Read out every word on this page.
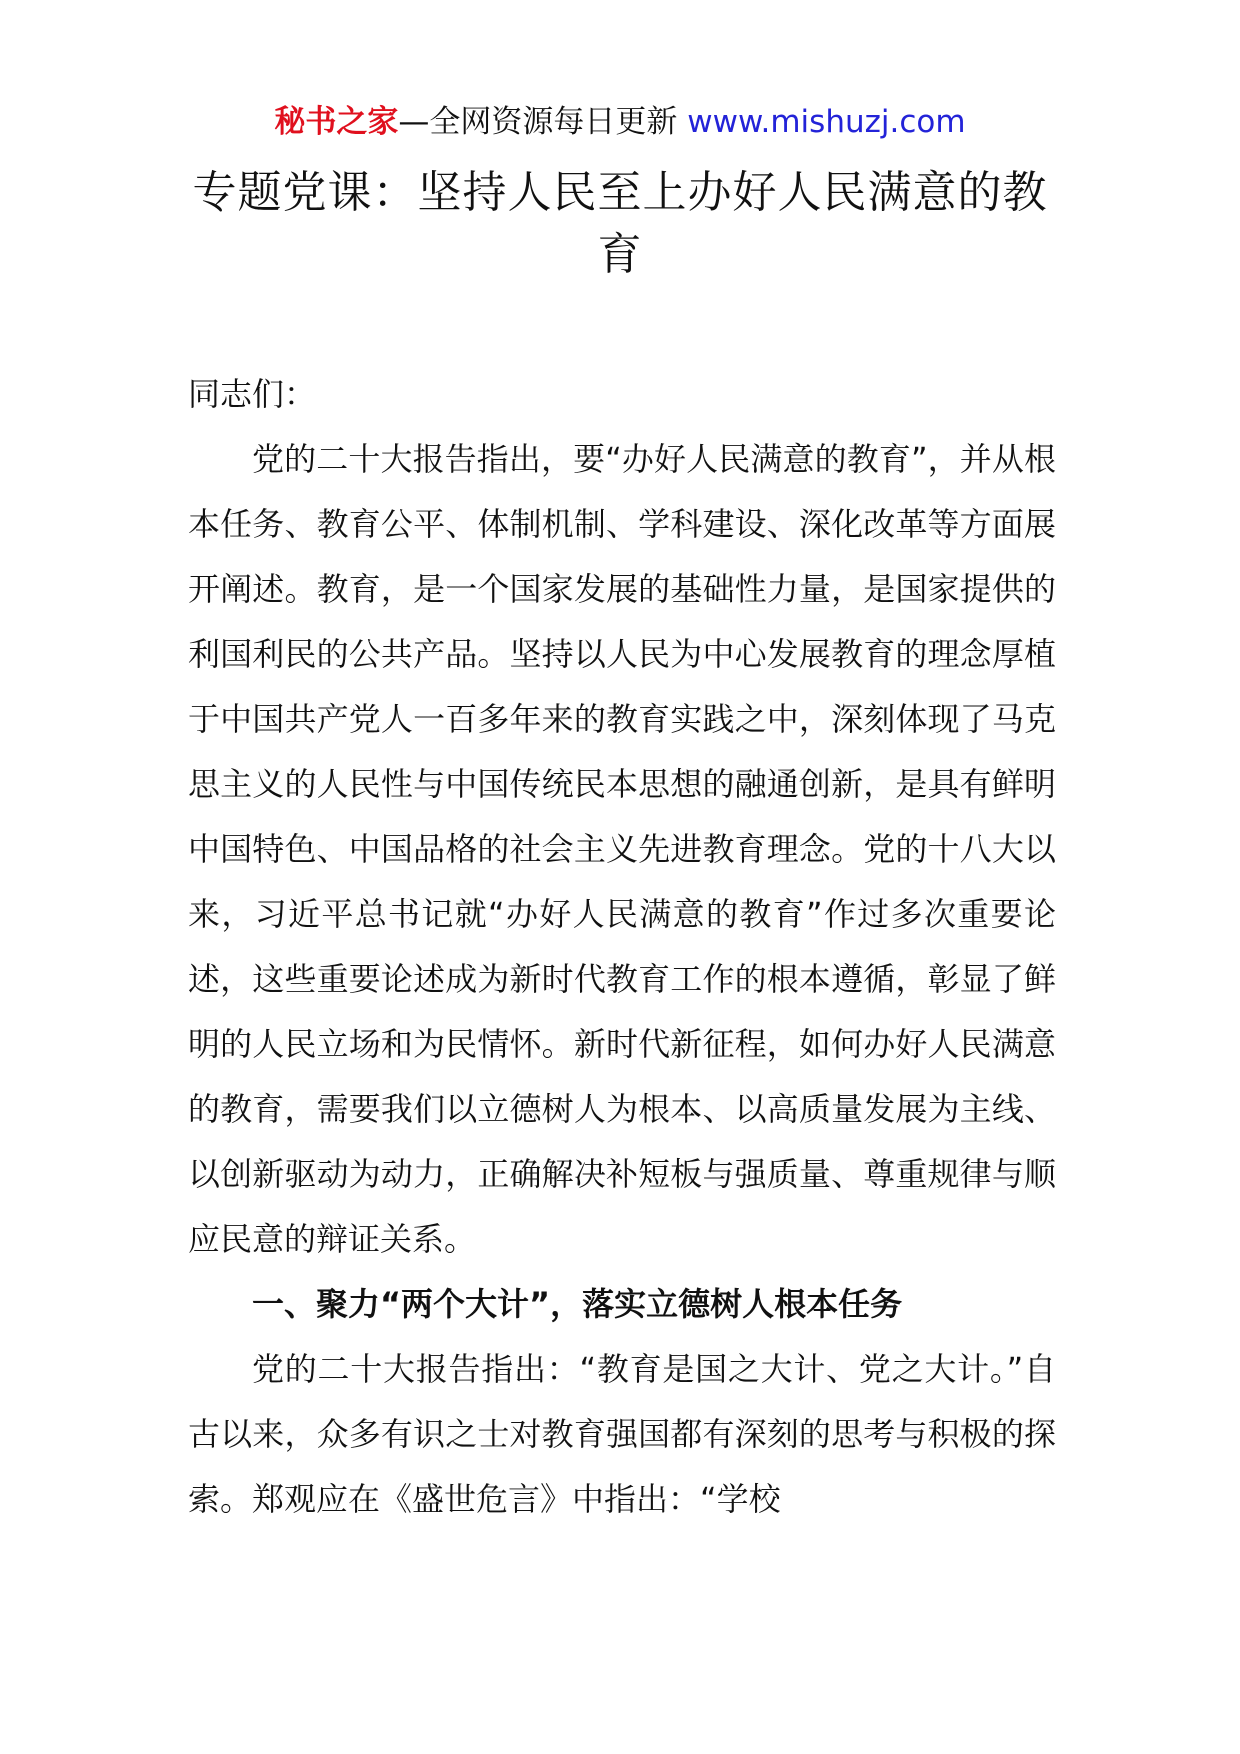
秘书之家—全网资源每日更新 www.mishuzj.com
专题党课：坚持人民至上办好人民满意的教育

同志们：

党的二十大报告指出，要“办好人民满意的教育”，并从根本任务、教育公平、体制机制、学科建设、深化改革等方面展开阐述。教育，是一个国家发展的基础性力量，是国家提供的利国利民的公共产品。坚持以人民为中心发展教育的理念厚植于中国共产党人一百多年来的教育实践之中，深刻体现了马克思主义的人民性与中国传统民本思想的融通创新，是具有鲜明中国特色、中国品格的社会主义先进教育理念。党的十八大以来，习近平总书记就“办好人民满意的教育”作过多次重要论述，这些重要论述成为新时代教育工作的根本遵循，彰显了鲜明的人民立场和为民情怀。新时代新征程，如何办好人民满意的教育，需要我们以立德树人为根本、以高质量发展为主线、以创新驱动为动力，正确解决补短板与强质量、尊重规律与顺应民意的辩证关系。

一、聚力“两个大计”，落实立德树人根本任务

党的二十大报告指出：“教育是国之大计、党之大计。”自古以来，众多有识之士对教育强国都有深刻的思考与积极的探索。郑观应在《盛世危言》中指出：“学校
